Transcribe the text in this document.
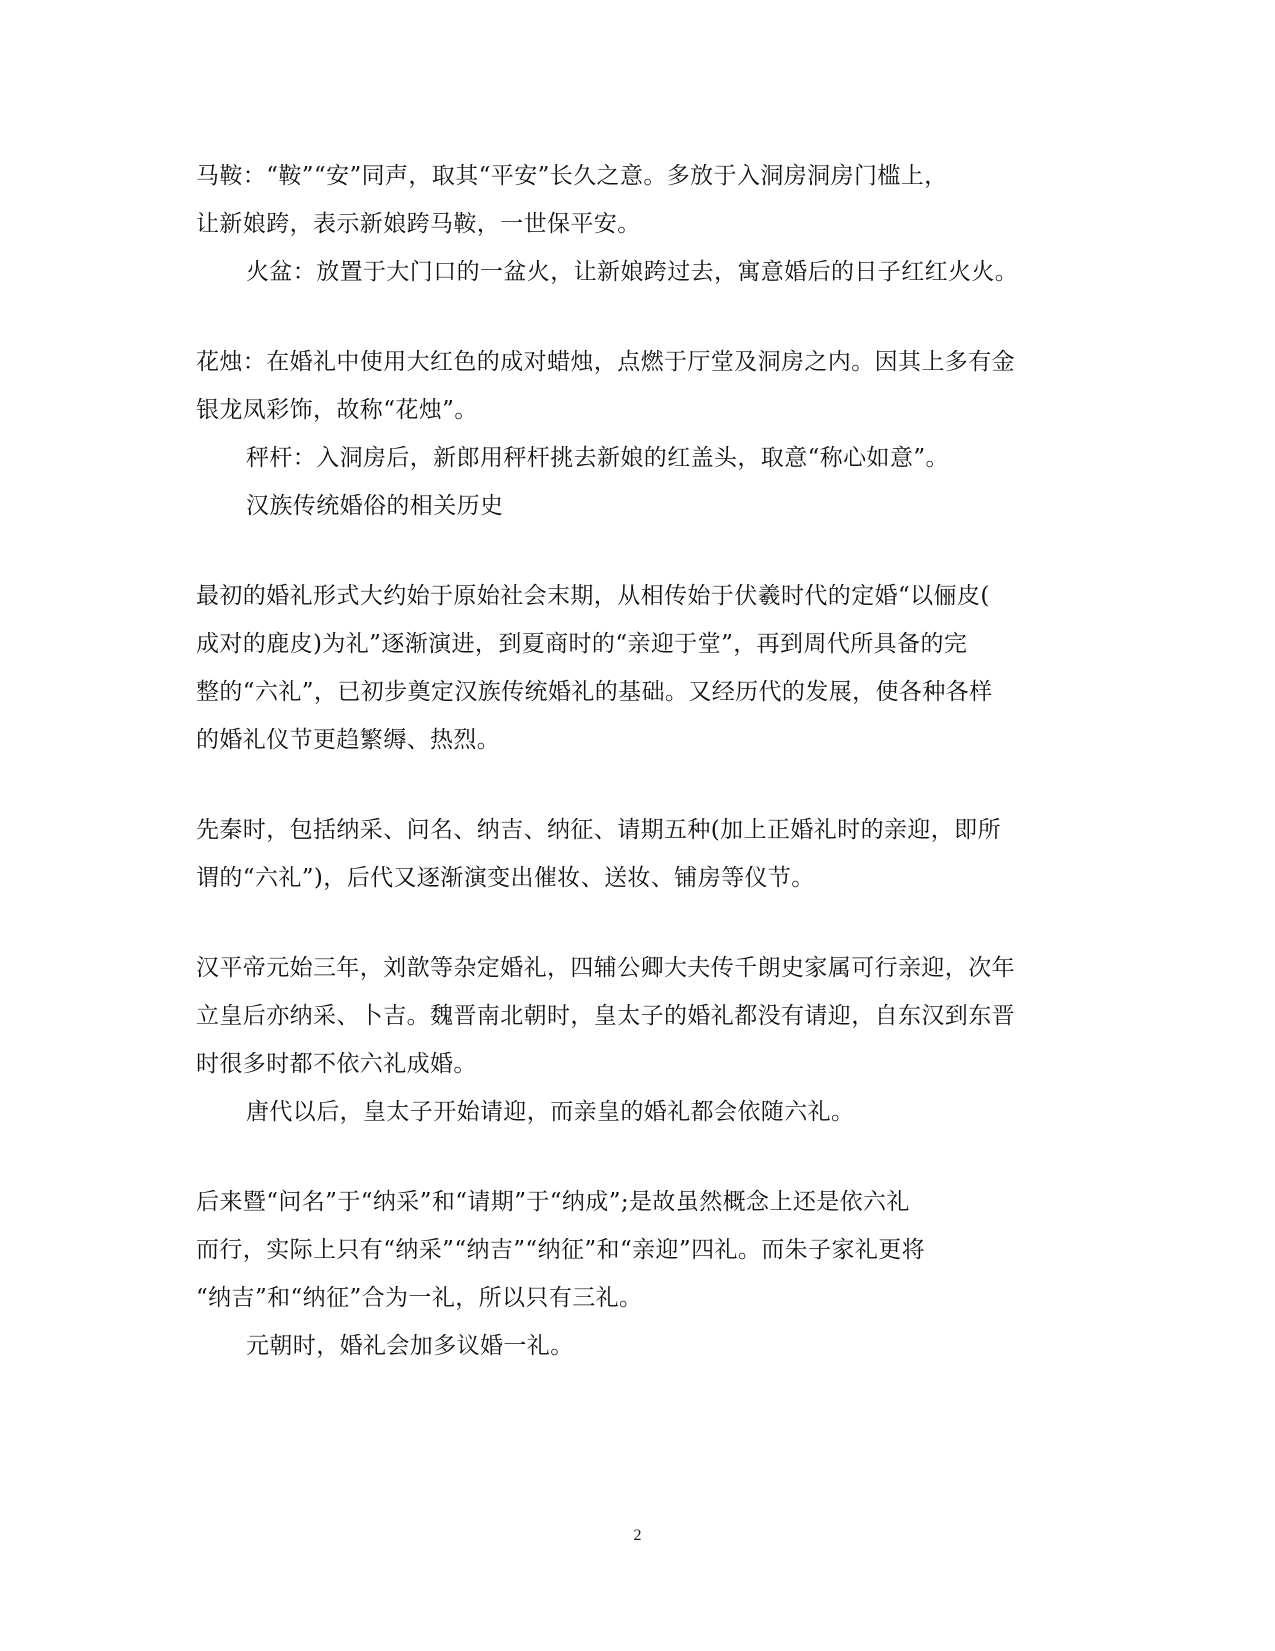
马鞍：“鞍”“安”同声，取其“平安”长久之意。多放于入洞房洞房门槛上，
让新娘跨，表示新娘跨马鞍，一世保平安。
火盆：放置于大门口的一盆火，让新娘跨过去，寓意婚后的日子红红火火。
花烛：在婚礼中使用大红色的成对蜡烛，点燃于厅堂及洞房之内。因其上多有金
银龙凤彩饰，故称“花烛”。
秤杆：入洞房后，新郎用秤杆挑去新娘的红盖头，取意“称心如意”。
汉族传统婚俗的相关历史
最初的婚礼形式大约始于原始社会末期，从相传始于伏羲时代的定婚“以俪皮(
成对的鹿皮)为礼”逐渐演进，到夏商时的“亲迎于堂”，再到周代所具备的完
整的“六礼”，已初步奠定汉族传统婚礼的基础。又经历代的发展，使各种各样
的婚礼仪节更趋繁缛、热烈。
先秦时，包括纳采、问名、纳吉、纳征、请期五种(加上正婚礼时的亲迎，即所
谓的“六礼”)，后代又逐渐演变出催妆、送妆、铺房等仪节。
汉平帝元始三年，刘歆等杂定婚礼，四辅公卿大夫传千朗史家属可行亲迎，次年
立皇后亦纳采、卜吉。魏晋南北朝时，皇太子的婚礼都没有请迎，自东汉到东晋
时很多时都不依六礼成婚。
唐代以后，皇太子开始请迎，而亲皇的婚礼都会依随六礼。
后来暨“问名”于“纳采”和“请期”于“纳成”;是故虽然概念上还是依六礼
而行，实际上只有“纳采”“纳吉”“纳征”和“亲迎”四礼。而朱子家礼更将
“纳吉”和“纳征”合为一礼，所以只有三礼。
元朝时，婚礼会加多议婚一礼。
2
